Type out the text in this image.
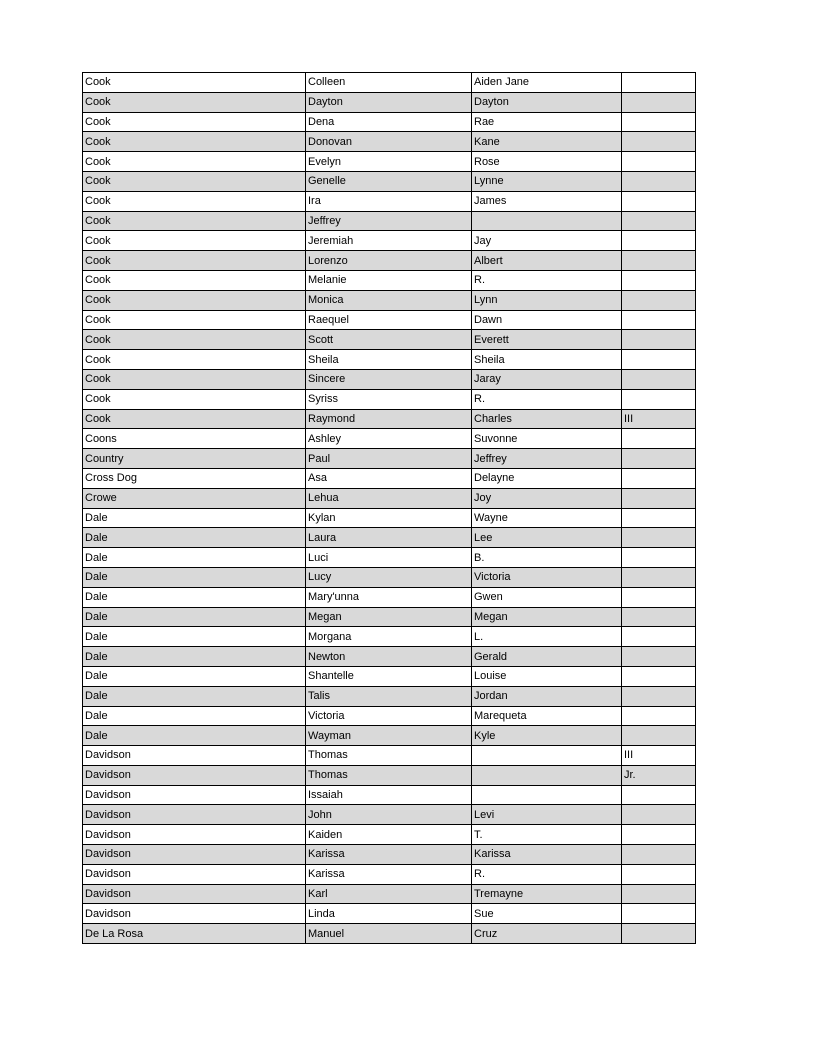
Cook	Colleen	Aiden Jane	
Cook	Dayton	Dayton	
Cook	Dena	Rae	
Cook	Donovan	Kane	
Cook	Evelyn	Rose	
Cook	Genelle	Lynne	
Cook	Ira	James	
Cook	Jeffrey		
Cook	Jeremiah	Jay	
Cook	Lorenzo	Albert	
Cook	Melanie	R.	
Cook	Monica	Lynn	
Cook	Raequel	Dawn	
Cook	Scott	Everett	
Cook	Sheila	Sheila	
Cook	Sincere	Jaray	
Cook	Syriss	R.	
Cook	Raymond	Charles	III
Coons	Ashley	Suvonne	
Country	Paul	Jeffrey	
Cross Dog	Asa	Delayne	
Crowe	Lehua	Joy	
Dale	Kylan	Wayne	
Dale	Laura	Lee	
Dale	Luci	B.	
Dale	Lucy	Victoria	
Dale	Mary'unna	Gwen	
Dale	Megan	Megan	
Dale	Morgana	L.	
Dale	Newton	Gerald	
Dale	Shantelle	Louise	
Dale	Talis	Jordan	
Dale	Victoria	Marequeta	
Dale	Wayman	Kyle	
Davidson	Thomas		III
Davidson	Thomas		Jr.
Davidson	Issaiah		
Davidson	John	Levi	
Davidson	Kaiden	T.	
Davidson	Karissa	Karissa	
Davidson	Karissa	R.	
Davidson	Karl	Tremayne	
Davidson	Linda	Sue	
De La Rosa	Manuel	Cruz	
